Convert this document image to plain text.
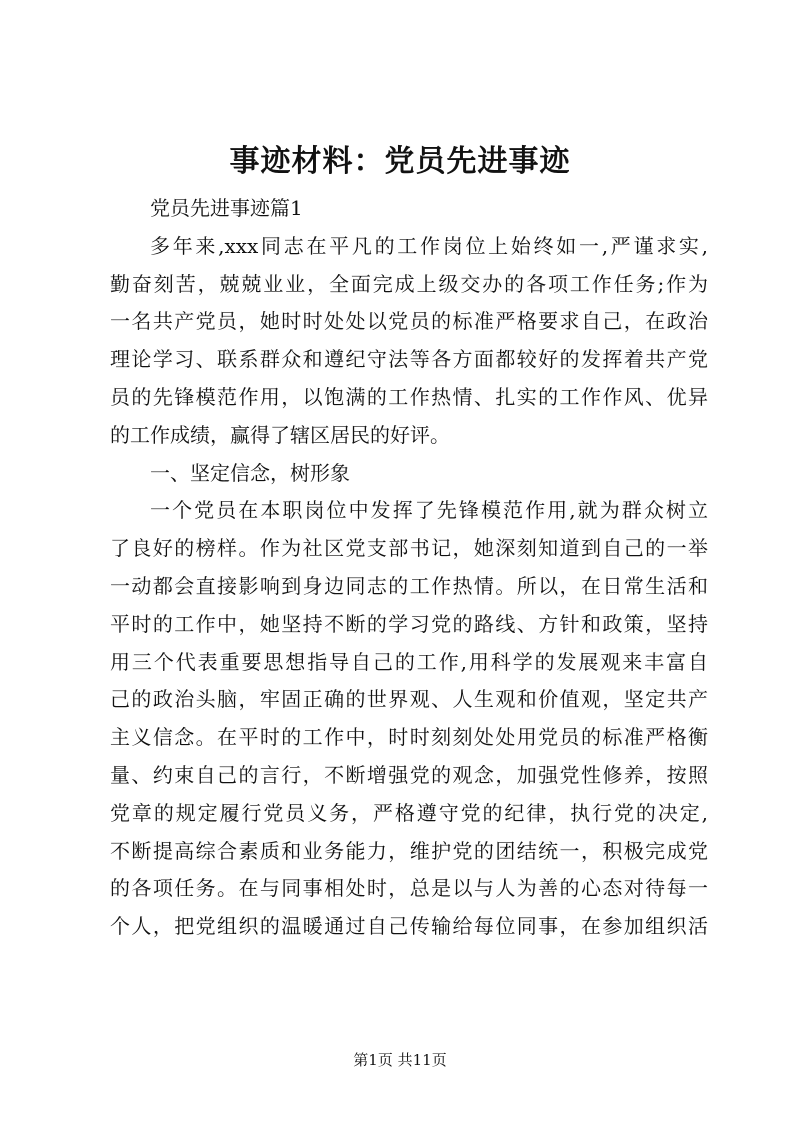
事迹材料：党员先进事迹
党员先进事迹篇1
多年来,xxx同志在平凡的工作岗位上始终如一,严谨求实,
勤奋刻苦，兢兢业业，全面完成上级交办的各项工作任务;作为
一名共产党员，她时时处处以党员的标准严格要求自己，在政治
理论学习、联系群众和遵纪守法等各方面都较好的发挥着共产党
员的先锋模范作用，以饱满的工作热情、扎实的工作作风、优异
的工作成绩，赢得了辖区居民的好评。
一、坚定信念，树形象
一个党员在本职岗位中发挥了先锋模范作用,就为群众树立
了良好的榜样。作为社区党支部书记，她深刻知道到自己的一举
一动都会直接影响到身边同志的工作热情。所以，在日常生活和
平时的工作中，她坚持不断的学习党的路线、方针和政策，坚持
用三个代表重要思想指导自己的工作,用科学的发展观来丰富自
己的政治头脑，牢固正确的世界观、人生观和价值观，坚定共产
主义信念。在平时的工作中，时时刻刻处处用党员的标准严格衡
量、约束自己的言行，不断增强党的观念，加强党性修养，按照
党章的规定履行党员义务，严格遵守党的纪律，执行党的决定,
不断提高综合素质和业务能力，维护党的团结统一，积极完成党
的各项任务。在与同事相处时，总是以与人为善的心态对待每一
个人，把党组织的温暖通过自己传输给每位同事，在参加组织活
第1页 共11页
